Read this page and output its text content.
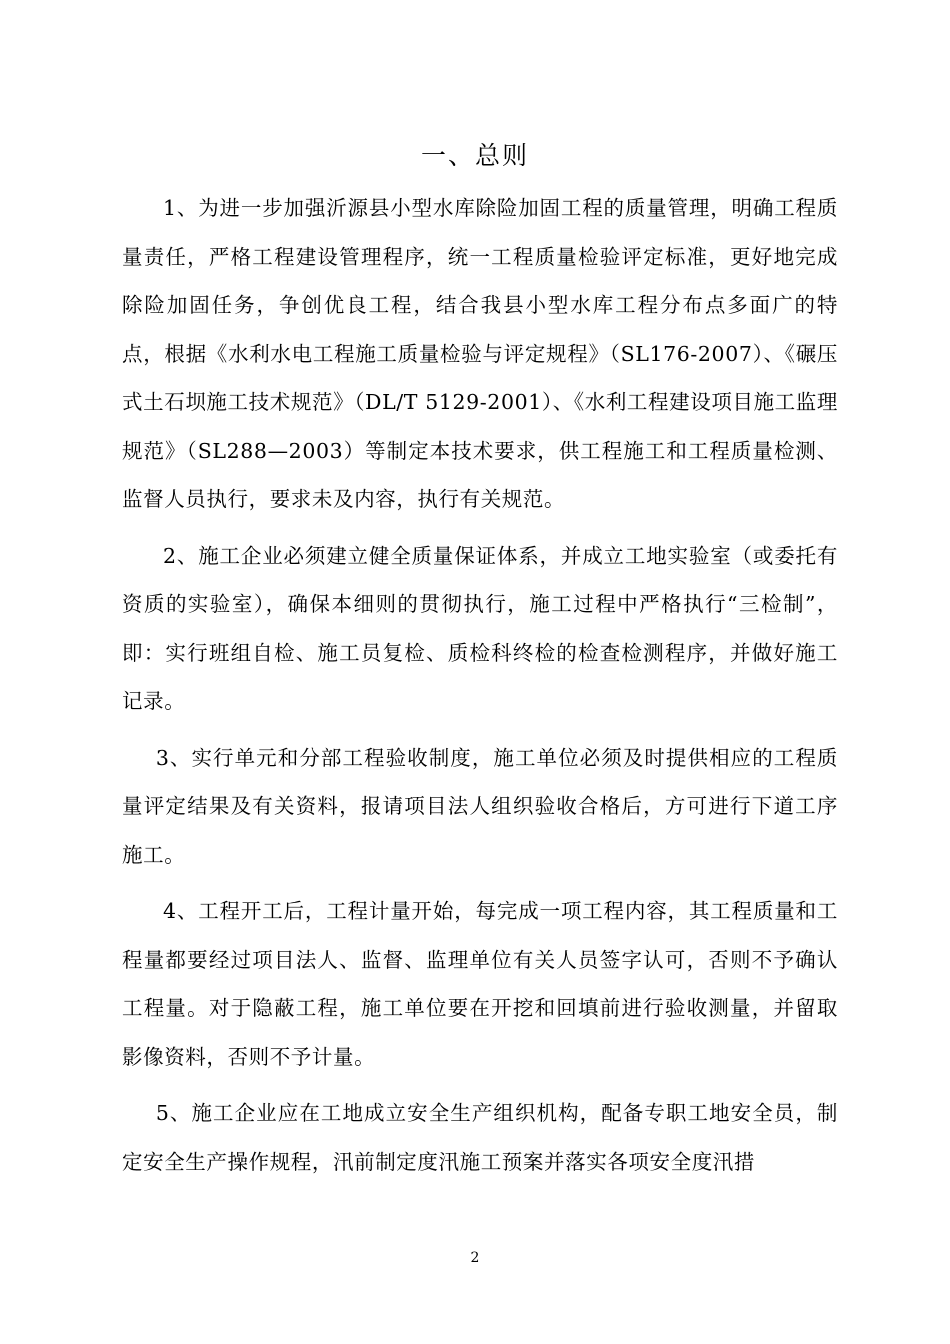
一、总则

1、为进一步加强沂源县小型水库除险加固工程的质量管理，明确工程质量责任，严格工程建设管理程序，统一工程质量检验评定标准，更好地完成除险加固任务，争创优良工程，结合我县小型水库工程分布点多面广的特点，根据《水利水电工程施工质量检验与评定规程》（SL176-2007）、《碾压式土石坝施工技术规范》（DL/T 5129-2001）、《水利工程建设项目施工监理规范》（SL288—2003）等制定本技术要求，供工程施工和工程质量检测、监督人员执行，要求未及内容，执行有关规范。

2、施工企业必须建立健全质量保证体系，并成立工地实验室（或委托有资质的实验室），确保本细则的贯彻执行，施工过程中严格执行“三检制”，即：实行班组自检、施工员复检、质检科终检的检查检测程序，并做好施工记录。

3、实行单元和分部工程验收制度，施工单位必须及时提供相应的工程质量评定结果及有关资料，报请项目法人组织验收合格后，方可进行下道工序施工。

4、工程开工后，工程计量开始，每完成一项工程内容，其工程质量和工程量都要经过项目法人、监督、监理单位有关人员签字认可，否则不予确认工程量。对于隐蔽工程，施工单位要在开挖和回填前进行验收测量，并留取影像资料，否则不予计量。

5、施工企业应在工地成立安全生产组织机构，配备专职工地安全员，制定安全生产操作规程，汛前制定度汛施工预案并落实各项安全度汛措

2
